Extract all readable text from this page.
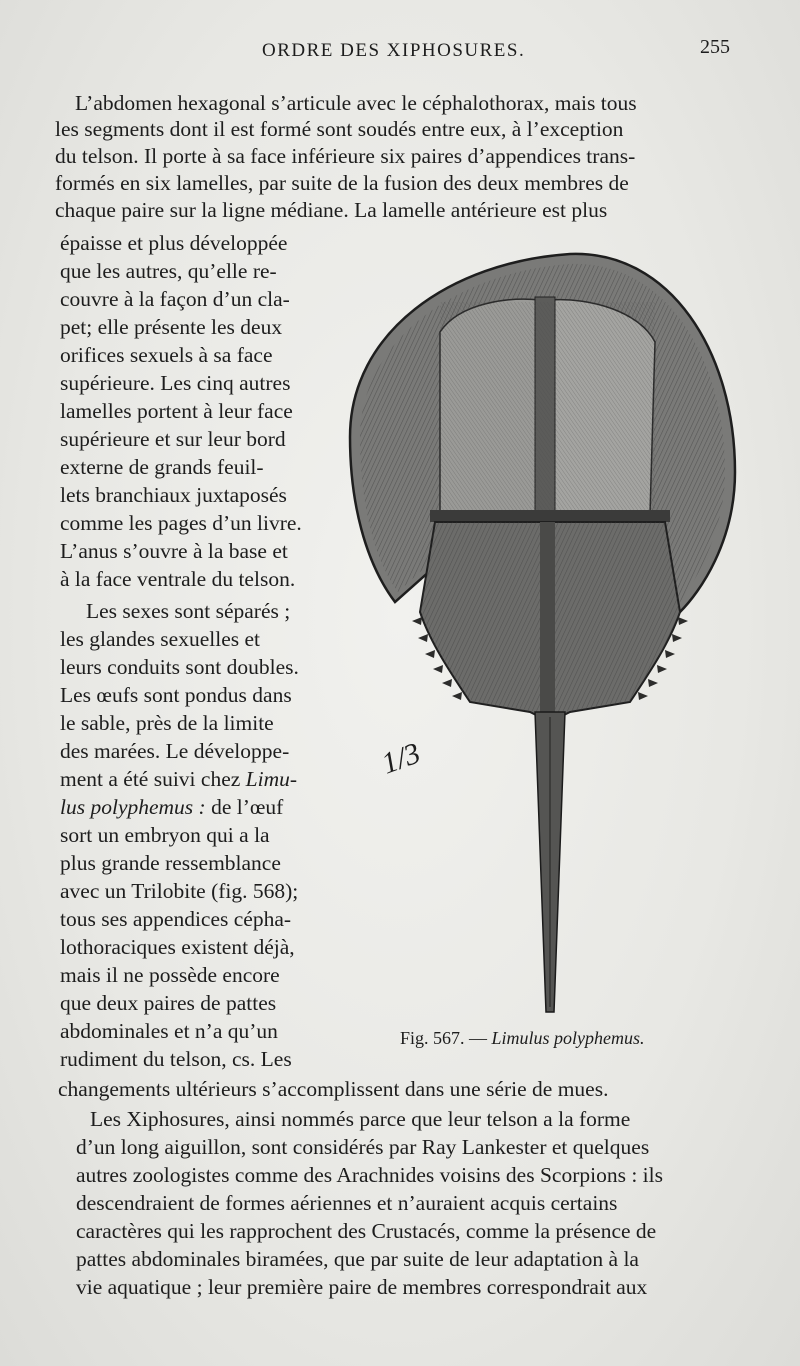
ORDRE DES XIPHOSURES.	255
L’abdomen hexagonal s’articule avec le céphalothorax, mais tous
les segments dont il est formé sont soudés entre eux, à l’exception
du telson. Il porte à sa face inférieure six paires d’appendices trans-
formés en six lamelles, par suite de la fusion des deux membres de
chaque paire sur la ligne médiane. La lamelle antérieure est plus
épaisse et plus développée
que les autres, qu’elle re-
couvre à la façon d’un cla-
pet; elle présente les deux
orifices sexuels à sa face
supérieure. Les cinq autres
lamelles portent à leur face
supérieure et sur leur bord
externe de grands feuil-
lets branchiaux juxtaposés
comme les pages d’un livre.
L’anus s’ouvre à la base et
à la face ventrale du telson.
Les sexes sont séparés ;
les glandes sexuelles et
leurs conduits sont doubles.
Les œufs sont pondus dans
le sable, près de la limite
des marées. Le développe-
ment a été suivi chez Limu-
lus polyphemus : de l’œuf
sort un embryon qui a la
plus grande ressemblance
avec un Trilobite (fig. 568);
tous ses appendices cépha-
lothoraciques existent déjà,
mais il ne possède encore
que deux paires de pattes
abdominales et n’a qu’un
rudiment du telson, cs. Les
changements ultérieurs s’accomplissent dans une série de mues.
Les Xiphosures, ainsi nommés parce que leur telson a la forme
d’un long aiguillon, sont considérés par Ray Lankester et quelques
autres zoologistes comme des Arachnides voisins des Scorpions : ils
descendraient de formes aériennes et n’auraient acquis certains
caractères qui les rapprochent des Crustacés, comme la présence de
pattes abdominales biramées, que par suite de leur adaptation à la
vie aquatique ; leur première paire de membres correspondrait aux
1/3
Fig. 567. — Limulus polyphemus.
